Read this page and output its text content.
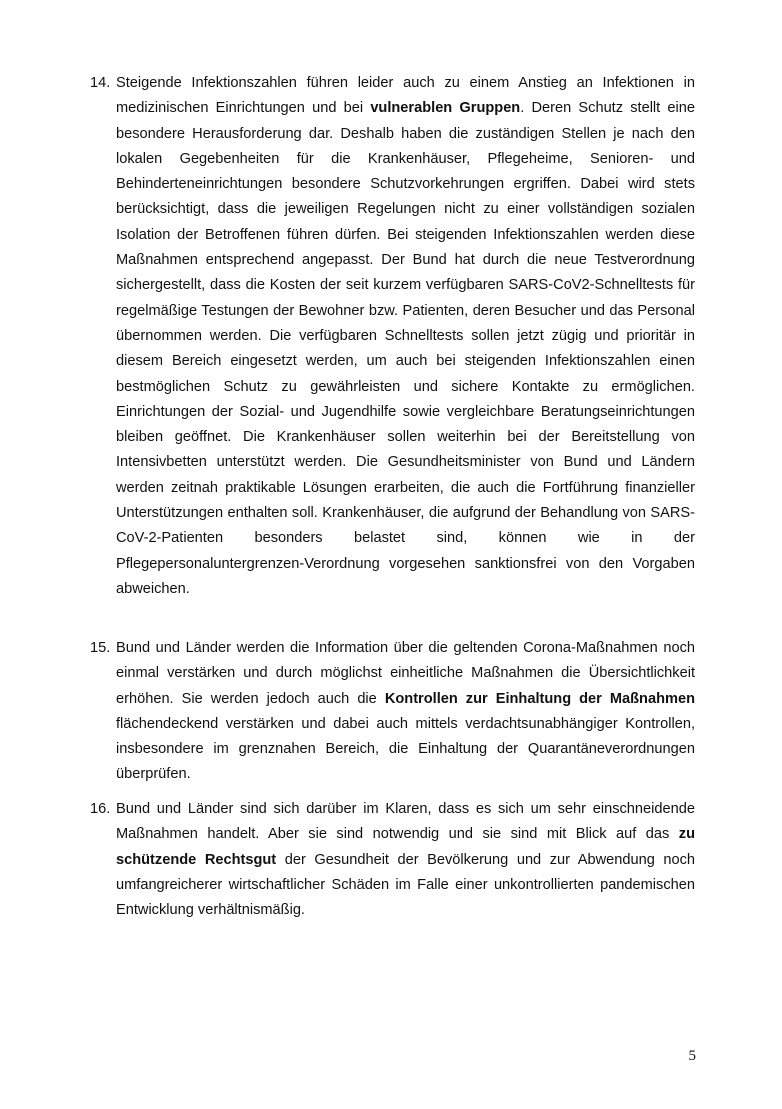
14. Steigende Infektionszahlen führen leider auch zu einem Anstieg an Infektionen in medizinischen Einrichtungen und bei vulnerablen Gruppen. Deren Schutz stellt eine besondere Herausforderung dar. Deshalb haben die zuständigen Stellen je nach den lokalen Gegebenheiten für die Krankenhäuser, Pflegeheime, Senioren- und Behinderteneinrichtungen besondere Schutzvorkehrungen ergriffen. Dabei wird stets berücksichtigt, dass die jeweiligen Regelungen nicht zu einer vollständigen sozialen Isolation der Betroffenen führen dürfen. Bei steigenden Infektionszahlen werden diese Maßnahmen entsprechend angepasst. Der Bund hat durch die neue Testverordnung sichergestellt, dass die Kosten der seit kurzem verfügbaren SARS-CoV2-Schnelltests für regelmäßige Testungen der Bewohner bzw. Patienten, deren Besucher und das Personal übernommen werden. Die verfügbaren Schnelltests sollen jetzt zügig und prioritär in diesem Bereich eingesetzt werden, um auch bei steigenden Infektionszahlen einen bestmöglichen Schutz zu gewährleisten und sichere Kontakte zu ermöglichen. Einrichtungen der Sozial- und Jugendhilfe sowie vergleichbare Beratungseinrichtungen bleiben geöffnet. Die Krankenhäuser sollen weiterhin bei der Bereitstellung von Intensivbetten unterstützt werden. Die Gesundheitsminister von Bund und Ländern werden zeitnah praktikable Lösungen erarbeiten, die auch die Fortführung finanzieller Unterstützungen enthalten soll. Krankenhäuser, die aufgrund der Behandlung von SARS-CoV-2-Patienten besonders belastet sind, können wie in der Pflegepersonaluntergrenzen-Verordnung vorgesehen sanktionsfrei von den Vorgaben abweichen.
15. Bund und Länder werden die Information über die geltenden Corona-Maßnahmen noch einmal verstärken und durch möglichst einheitliche Maßnahmen die Übersichtlichkeit erhöhen. Sie werden jedoch auch die Kontrollen zur Einhaltung der Maßnahmen flächendeckend verstärken und dabei auch mittels verdachtsunabhängiger Kontrollen, insbesondere im grenznahen Bereich, die Einhaltung der Quarantäneverordnungen überprüfen.
16. Bund und Länder sind sich darüber im Klaren, dass es sich um sehr einschneidende Maßnahmen handelt. Aber sie sind notwendig und sie sind mit Blick auf das zu schützende Rechtsgut der Gesundheit der Bevölkerung und zur Abwendung noch umfangreicherer wirtschaftlicher Schäden im Falle einer unkontrollierten pandemischen Entwicklung verhältnismäßig.
5
